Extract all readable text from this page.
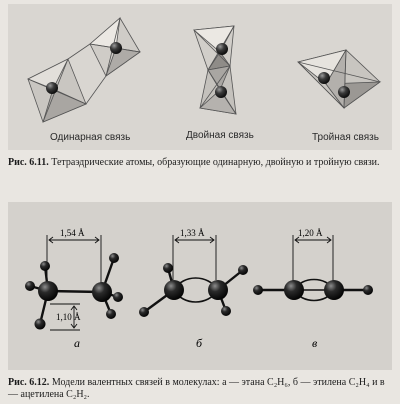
Одинарная связь	Двойная связь	Тройная связь
Рис. 6.11. Тетраэдрические атомы, образующие одинарную, двойную и тройную связи.
1,54 Å
1,10 Å
1,33 Å	1,20 Å
а	б	в
Рис. 6.12. Модели валентных связей в молекулах: а — этана C₂H₆, б — этилена C₂H₄ и в — ацетилена C₂H₂.
